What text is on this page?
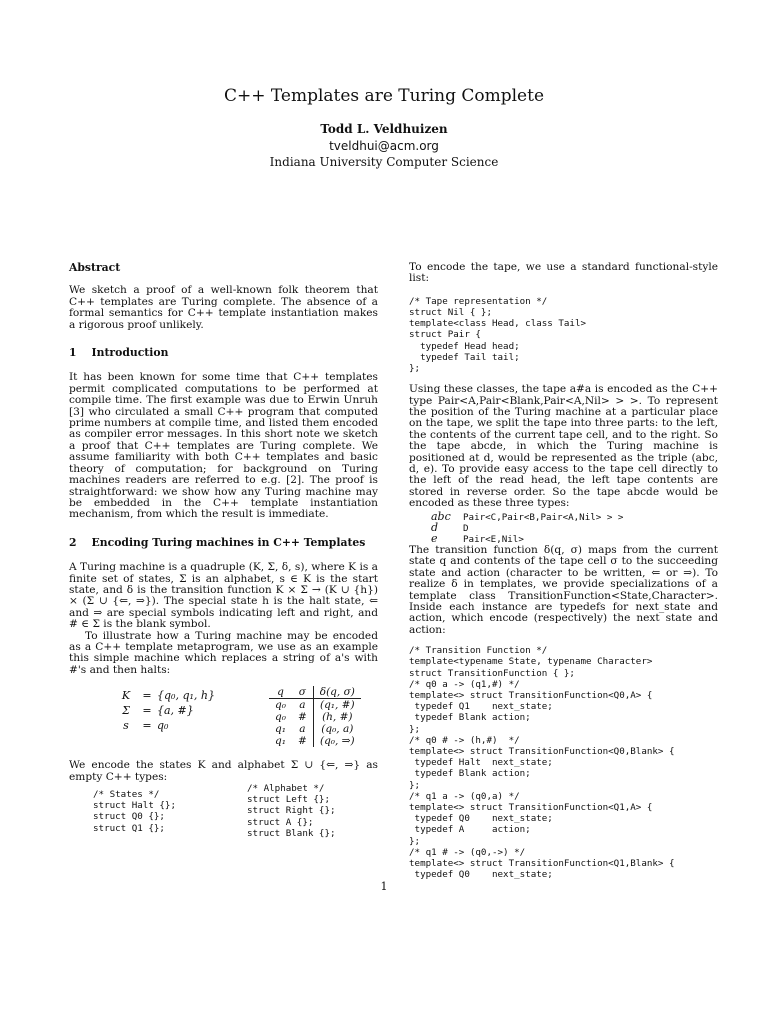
C++ Templates are Turing Complete
Todd L. Veldhuizen
tveldhui@acm.org
Indiana University Computer Science
Abstract

We sketch a proof of a well-known folk theorem that C++ templates are Turing complete. The absence of a formal semantics for C++ template instantiation makes a rigorous proof unlikely.

1    Introduction

It has been known for some time that C++ templates permit complicated computations to be performed at compile time. The first example was due to Erwin Unruh [3] who circulated a small C++ program that computed prime numbers at compile time, and listed them encoded as compiler error messages. In this short note we sketch a proof that C++ templates are Turing complete. We assume familiarity with both C++ templates and basic theory of computation; for background on Turing machines readers are referred to e.g. [2]. The proof is straightforward: we show how any Turing machine may be embedded in the C++ template instantiation mechanism, from which the result is immediate.

2    Encoding Turing machines in C++ Templates

A Turing machine is a quadruple (K, Σ, δ, s), where K is a finite set of states, Σ is an alphabet, s ∈ K is the start state, and δ is the transition function K × Σ → (K ∪ {h}) × (Σ ∪ {⇐, ⇒}). The special state h is the halt state, ⇐ and ⇒ are special symbols indicating left and right, and # ∈ Σ is the blank symbol.

To illustrate how a Turing machine may be encoded as a C++ template metaprogram, we use as an example this simple machine which replaces a string of a's with #'s and then halts:

K = {q₀, q₁, h}
Σ = {a, #}
s = q₀
q	σ	δ(q, σ)
q₀	a	(q₁, #)
q₀	#	(h, #)
q₁	a	(q₀, a)
q₁	#	(q₀, ⇒)

We encode the states K and alphabet Σ ∪ {⇐, ⇒} as empty C++ types:

/* States */
struct Halt {};
struct Q0 {};
struct Q1 {};
/* Alphabet */
struct Left {};
struct Right {};
struct A {};
struct Blank {};

To encode the tape, we use a standard functional-style list:

/* Tape representation */
struct Nil { };
template<class Head, class Tail>
struct Pair {
typedef Head head;
typedef Tail tail;
};

Using these classes, the tape a#a is encoded as the C++ type Pair<A,Pair<Blank,Pair<A,Nil> > >. To represent the position of the Turing machine at a particular place on the tape, we split the tape into three parts: to the left, the contents of the current tape cell, and to the right. So the tape abcde, in which the Turing machine is positioned at d, would be represented as the triple (abc, d, e). To provide easy access to the tape cell directly to the left of the read head, the left tape contents are stored in reverse order. So the tape abcde would be encoded as these three types:

abc Pair<C,Pair<B,Pair<A,Nil> > >
d	D
e	Pair<E,Nil>

The transition function δ(q, σ) maps from the current state q and contents of the tape cell σ to the succeeding state and action (character to be written, ⇐ or ⇒). To realize δ in templates, we provide specializations of a template class TransitionFunction<State,Character>. Inside each instance are typedefs for next_state and action, which encode (respectively) the next state and action:

/* Transition Function */
template<typename State, typename Character>
struct TransitionFunction { };
/* q0 a -> (q1,#) */
template<> struct TransitionFunction<Q0,A> {
typedef Q1    next_state;
typedef Blank action;
};
/* q0 # -> (h,#)  */
template<> struct TransitionFunction<Q0,Blank> {
typedef Halt  next_state;
typedef Blank action;
};
/* q1 a -> (q0,a) */
template<> struct TransitionFunction<Q1,A> {
typedef Q0    next_state;
typedef A     action;
};
/* q1 # -> (q0,->) */
template<> struct TransitionFunction<Q1,Blank> {
typedef Q0    next_state;
1
